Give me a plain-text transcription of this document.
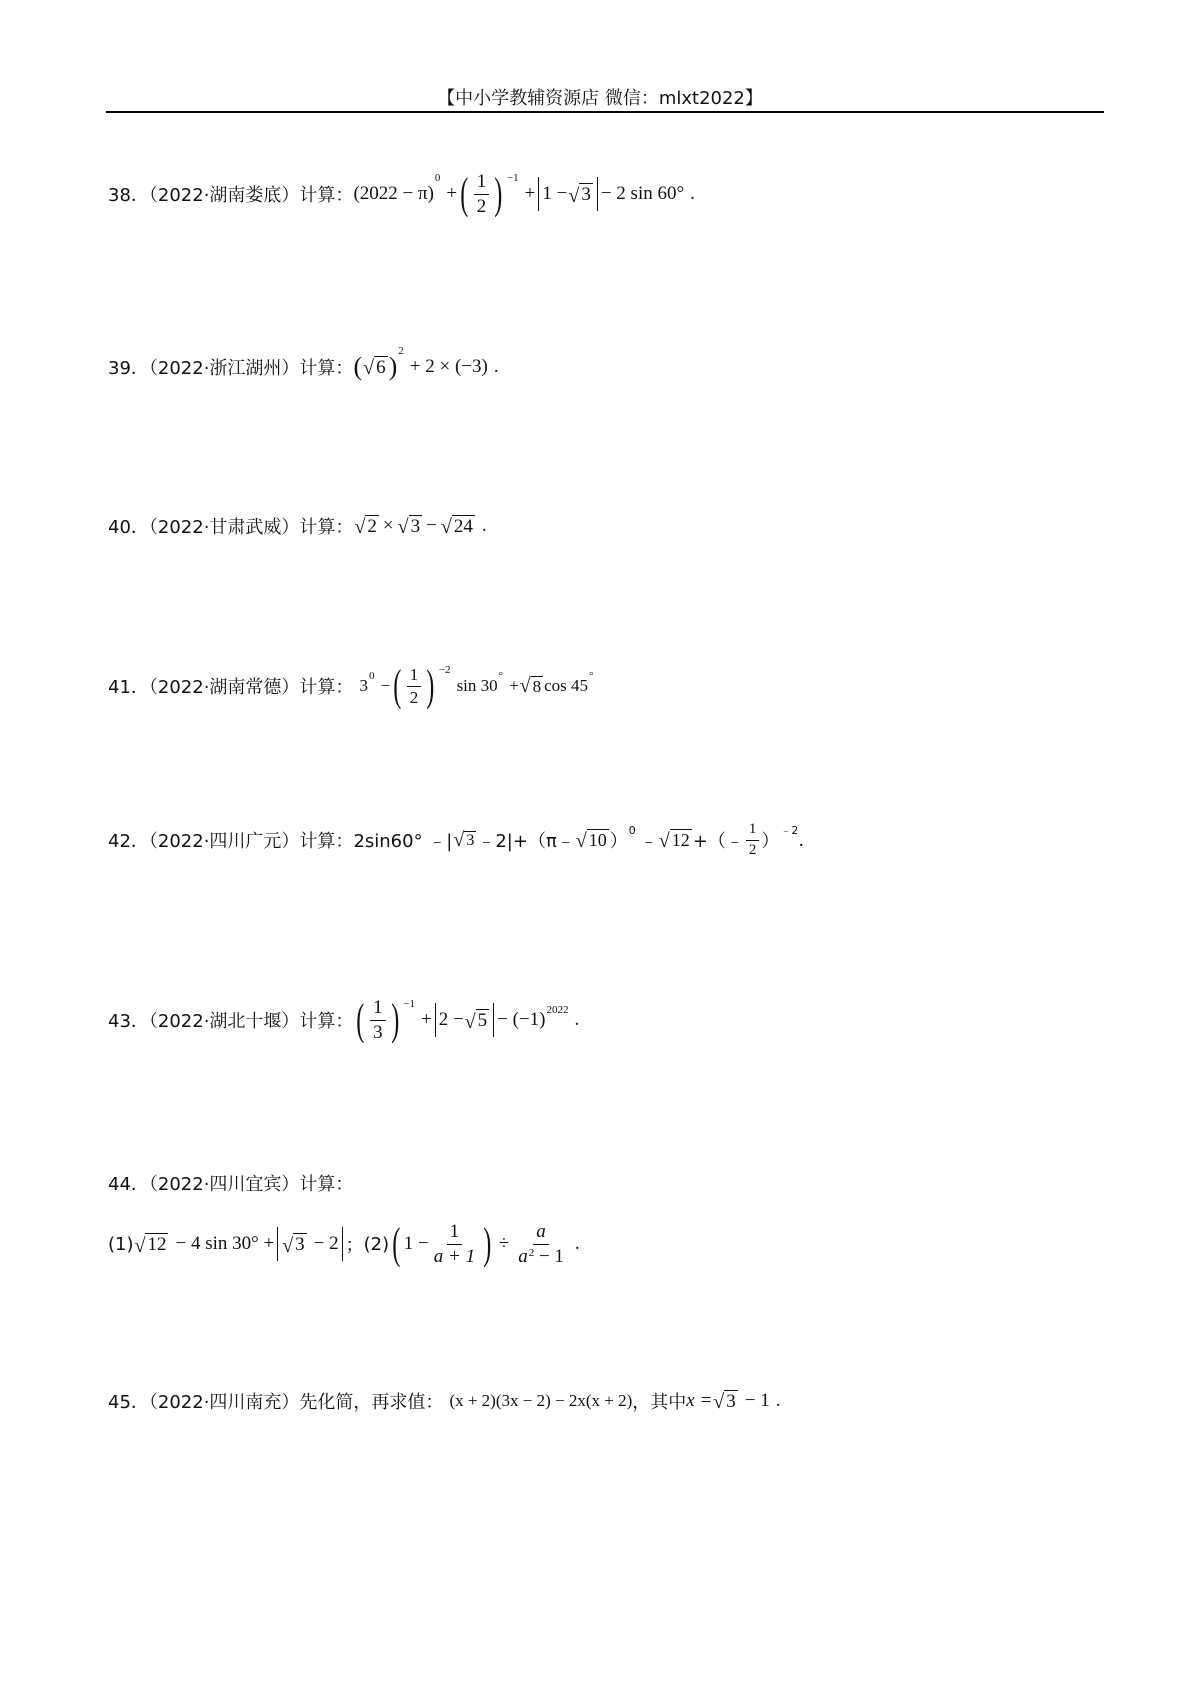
【中小学教辅资源店 微信：mlxt2022】
38．（2022·湖南娄底）计算： (2022 − π)
0
+ ( 1
2 ) −1
+ 1 − √ 3 − 2 sin 60° .
39．（2022·浙江湖州）计算： ( √ 6 )
2
+ 2 × (−3) .
40．（2022·甘肃武威）计算： √ 2 × √ 3 − √ 24 .
41．（2022·湖南常德）计算： 3 0 − ( 1
2 ) −2
sin 30 ° + √ 8 cos 45 °
42．（2022·四川广元）计算： 2sin60° ﹣| √ 3 ﹣2|+（π﹣ √ 10 ）
0
﹣ √ 12 +（﹣
1
2 ）
﹣2 .
43．（2022·湖北十堰）计算： ( 1
3 ) −1
+ 2 − √ 5 − (−1) 2022 .
44．（2022·四川宜宾）计算：
(1) √ 12 − 4 sin 30° + √ 3 − 2 ； (2) ( $1 - \frac{1}{a + 1}$ ) ÷ $\frac{a}{a^2 - 1}$ .
45．（2022·四川南充）先化简，再求值： (x + 2)(3x − 2) − 2x(x + 2) ，其中 x = √ 3 − 1 .
